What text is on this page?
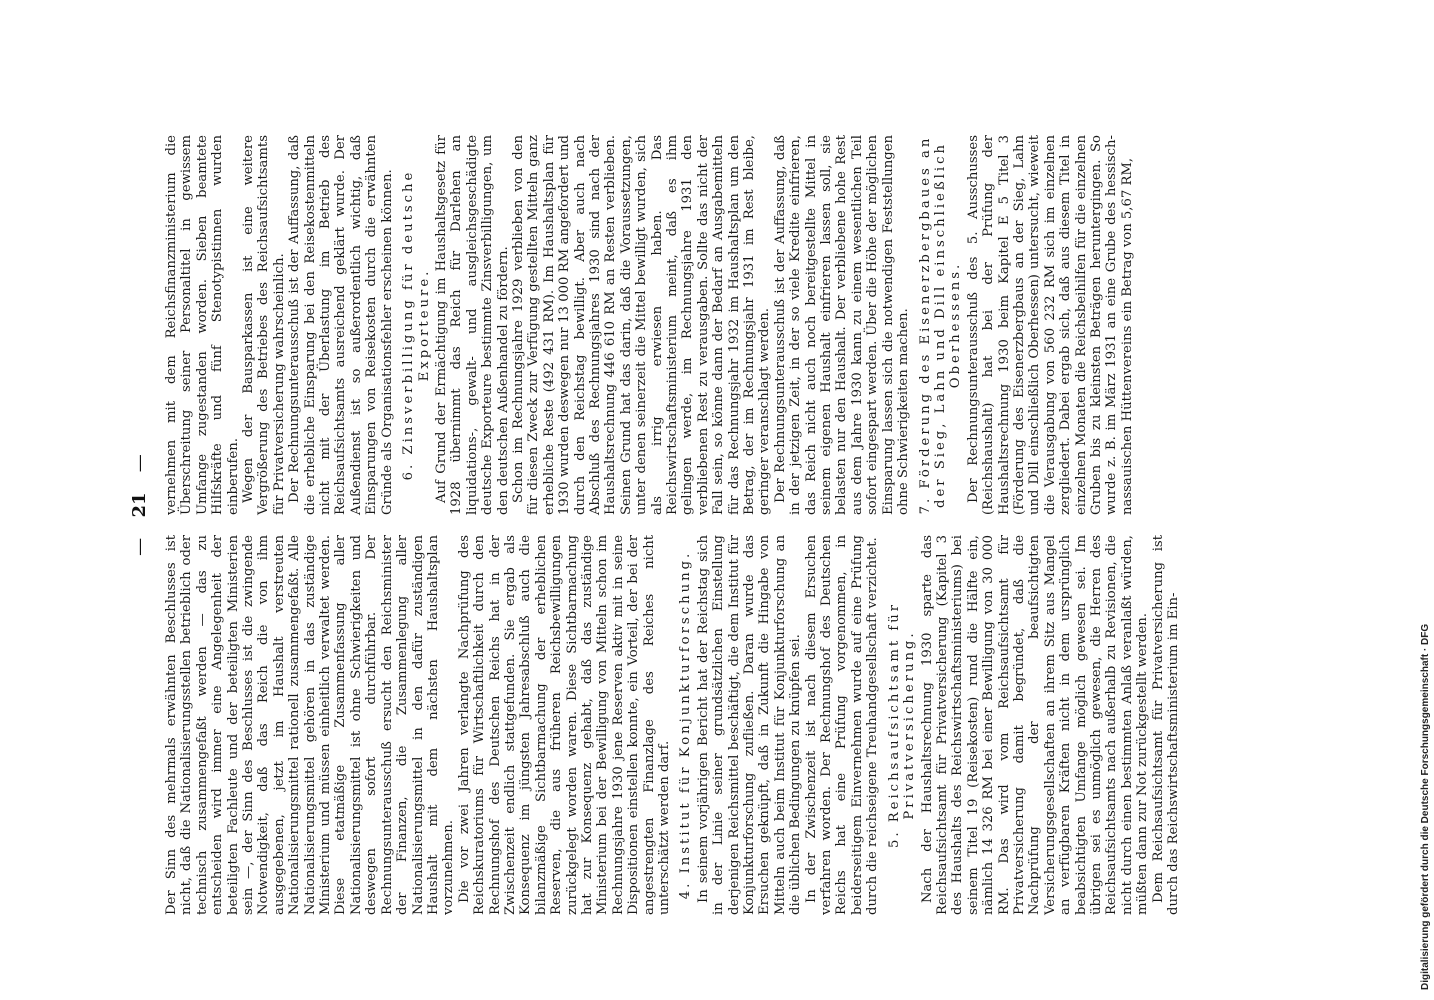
— 21 —

Der Sinn des mehrmals erwähnten Beschlusses ist nicht, daß die Nationalisierungsstellen betrieblich oder technisch zusammengefaßt werden — das zu entscheiden wird immer eine Angelegenheit der beteiligten Fachleute und der beteiligten Ministerien sein —, der Sinn des Beschlusses ist die zwingende Notwendigkeit, daß das Reich die von ihm ausgegebenen, jetzt im Haushalt verstreuten Nationalisierungsmittel rationell zusammengefaßt. Alle Nationalisierungsmittel gehören in das zuständige Ministerium und müssen einheitlich verwaltet werden. Diese etatmäßige Zusammenfassung aller Nationalisierungsmittel ist ohne Schwierigkeiten und deswegen sofort durchführbar. Der Rechnungsunterausschuß ersucht den Reichsminister der Finanzen, die Zusammenlegung aller Nationalisierungsmittel in den dafür zuständigen Haushalt mit dem nächsten Haushaltsplan vorzunehmen. Die vor zwei Jahren verlangte Nachprüfung des Reichskuratoriums für Wirtschaftlichkeit durch den Rechnungshof des Deutschen Reichs hat in der Zwischenzeit endlich stattgefunden. Sie ergab als Konsequenz im jüngsten Jahresabschluß auch die bilanzmäßige Sichtbarmachung der erheblichen Reserven, die aus früheren Reichsbewilligungen zurückgelegt worden waren. Diese Sichtbarmachung hat zur Konsequenz gehabt, daß das zuständige Ministerium bei der Bewilligung von Mitteln schon im Rechnungsjahre 1930 jene Reserven aktiv mit in seine Dispositionen einstellen konnte, ein Vorteil, der bei der angestrengten Finanzlage des Reiches nicht unterschätzt werden darf. 4. Institut für Konjunkturforschung. In seinem vorjährigen Bericht hat der Reichstag sich in der Linie seiner grundsätzlichen Einstellung derjenigen Reichsmittel beschäftigt, die dem Institut für Konjunkturforschung zufließen. Daran wurde das Ersuchen geknüpft, daß in Zukunft die Hingabe von Mitteln auch beim Institut für Konjunkturforschung an die üblichen Bedingungen zu knüpfen sei. In der Zwischenzeit ist nach diesem Ersuchen verfahren worden. Der Rechnungshof des Deutschen Reichs hat eine Prüfung vorgenommen, in beiderseitigem Einvernehmen wurde auf eine Prüfung durch die reichseigene Treuhandgesellschaft verzichtet. 5. Reichsaufsichtsamt für Privatversicherung. Nach der Haushaltsrechnung 1930 sparte das Reichsaufsichtsamt für Privatversicherung (Kapitel 3 des Haushalts des Reichswirtschaftsministeriums) bei seinem Titel 19 (Reisekosten) rund die Hälfte ein, nämlich 14 326 RM bei einer Bewilligung von 30 000 RM. Das wird vom Reichsaufsichtsamt für Privatversicherung damit begründet, daß die Nachprüfung der beaufsichtigten Versicherungsgesellschaften an ihrem Sitz aus Mangel an verfügbaren Kräften nicht in dem ursprünglich beabsichtigten Umfange möglich gewesen sei. Im übrigen sei es unmöglich gewesen, die Herren des Reichsaufsichtsamts nach außerhalb zu Revisionen, die nicht durch einen bestimmten Anlaß veranlaßt würden, müßten dann zur Not zurückgestellt werden. Dem Reichsaufsichtsamt für Privatversicherung ist durch das Reichswirtschaftsministerium im Ein-

vernehmen mit dem Reichsfinanzministerium die Überschreitung seiner Personaltitel in gewissem Umfange zugestanden worden. Sieben beamtete Hilfskräfte und fünf Stenotypistinnen wurden einberufen. Wegen der Bausparkassen ist eine weitere Vergrößerung des Betriebes des Reichsaufsichtsamts für Privatversicherung wahrscheinlich. Der Rechnungsunterausschuß ist der Auffassung, daß die erhebliche Einsparung bei den Reisekostenmitteln nicht mit der Überlastung im Betrieb des Reichsaufsichtsamts ausreichend geklärt wurde. Der Außendienst ist so außerordentlich wichtig, daß Einsparungen von Reisekosten durch die erwähnten Gründe als Organisationsfehler erscheinen können. 6. Zinsverbilligung für deutsche Exporteure. Auf Grund der Ermächtigung im Haushaltsgesetz für 1928 übernimmt das Reich für Darlehen an liquidations-, gewalt- und ausgleichsgeschädigte deutsche Exporteure bestimmte Zinsverbilligungen, um den deutschen Außenhandel zu fördern. Schon im Rechnungsjahre 1929 verblieben von den für diesen Zweck zur Verfügung gestellten Mitteln ganz erhebliche Reste (492 431 RM). Im Haushaltsplan für 1930 wurden deswegen nur 13 000 RM angefordert und durch den Reichstag bewilligt. Aber auch nach Abschluß des Rechnungsjahres 1930 sind nach der Haushaltsrechnung 446 610 RM an Resten verblieben. Seinen Grund hat das darin, daß die Voraussetzungen, unter denen seinerzeit die Mittel bewilligt wurden, sich als irrig erwiesen haben. Das Reichswirtschaftsministerium meint, daß es ihm gelingen werde, im Rechnungsjahre 1931 den verbliebenen Rest zu verausgaben. Sollte das nicht der Fall sein, so könne dann der Bedarf an Ausgabemitteln für das Rechnungsjahr 1932 im Haushaltsplan um den Betrag, der im Rechnungsjahr 1931 im Rest bleibe, geringer veranschlagt werden. Der Rechnungsunterausschuß ist der Auffassung, daß in der jetzigen Zeit, in der so viele Kredite einfrieren, das Reich nicht auch noch bereitgestellte Mittel in seinem eigenen Haushalt einfrieren lassen soll, sie belasten nur den Haushalt. Der verbliebene hohe Rest aus dem Jahre 1930 kann zu einem wesentlichen Teil sofort eingespart werden. Über die Höhe der möglichen Einsparung lassen sich die notwendigen Feststellungen ohne Schwierigkeiten machen. 7. Förderung des Eisenerzbergbaues an der Sieg, Lahn und Dill einschließlich Oberhessens. Der Rechnungsunterausschuß des 5. Ausschusses (Reichshaushalt) hat bei der Prüfung der Haushaltsrechnung 1930 beim Kapitel E 5 Titel 3 (Förderung des Eisenerzbergbaus an der Sieg, Lahn und Dill einschließlich Oberhessen) untersucht, wieweit die Verausgabung von 560 232 RM sich im einzelnen zergliedert. Dabei ergab sich, daß aus diesem Titel in einzelnen Monaten die Reichsbeihilfen für die einzelnen Gruben bis zu kleinsten Beträgen heruntergingen. So wurde z. B. im März 1931 an eine Grube des hessisch-nassauischen Hüttenvereins ein Betrag von 5,67 RM,

Digitalisierung gefördert durch die Deutsche Forschungsgemeinschaft · DFG
